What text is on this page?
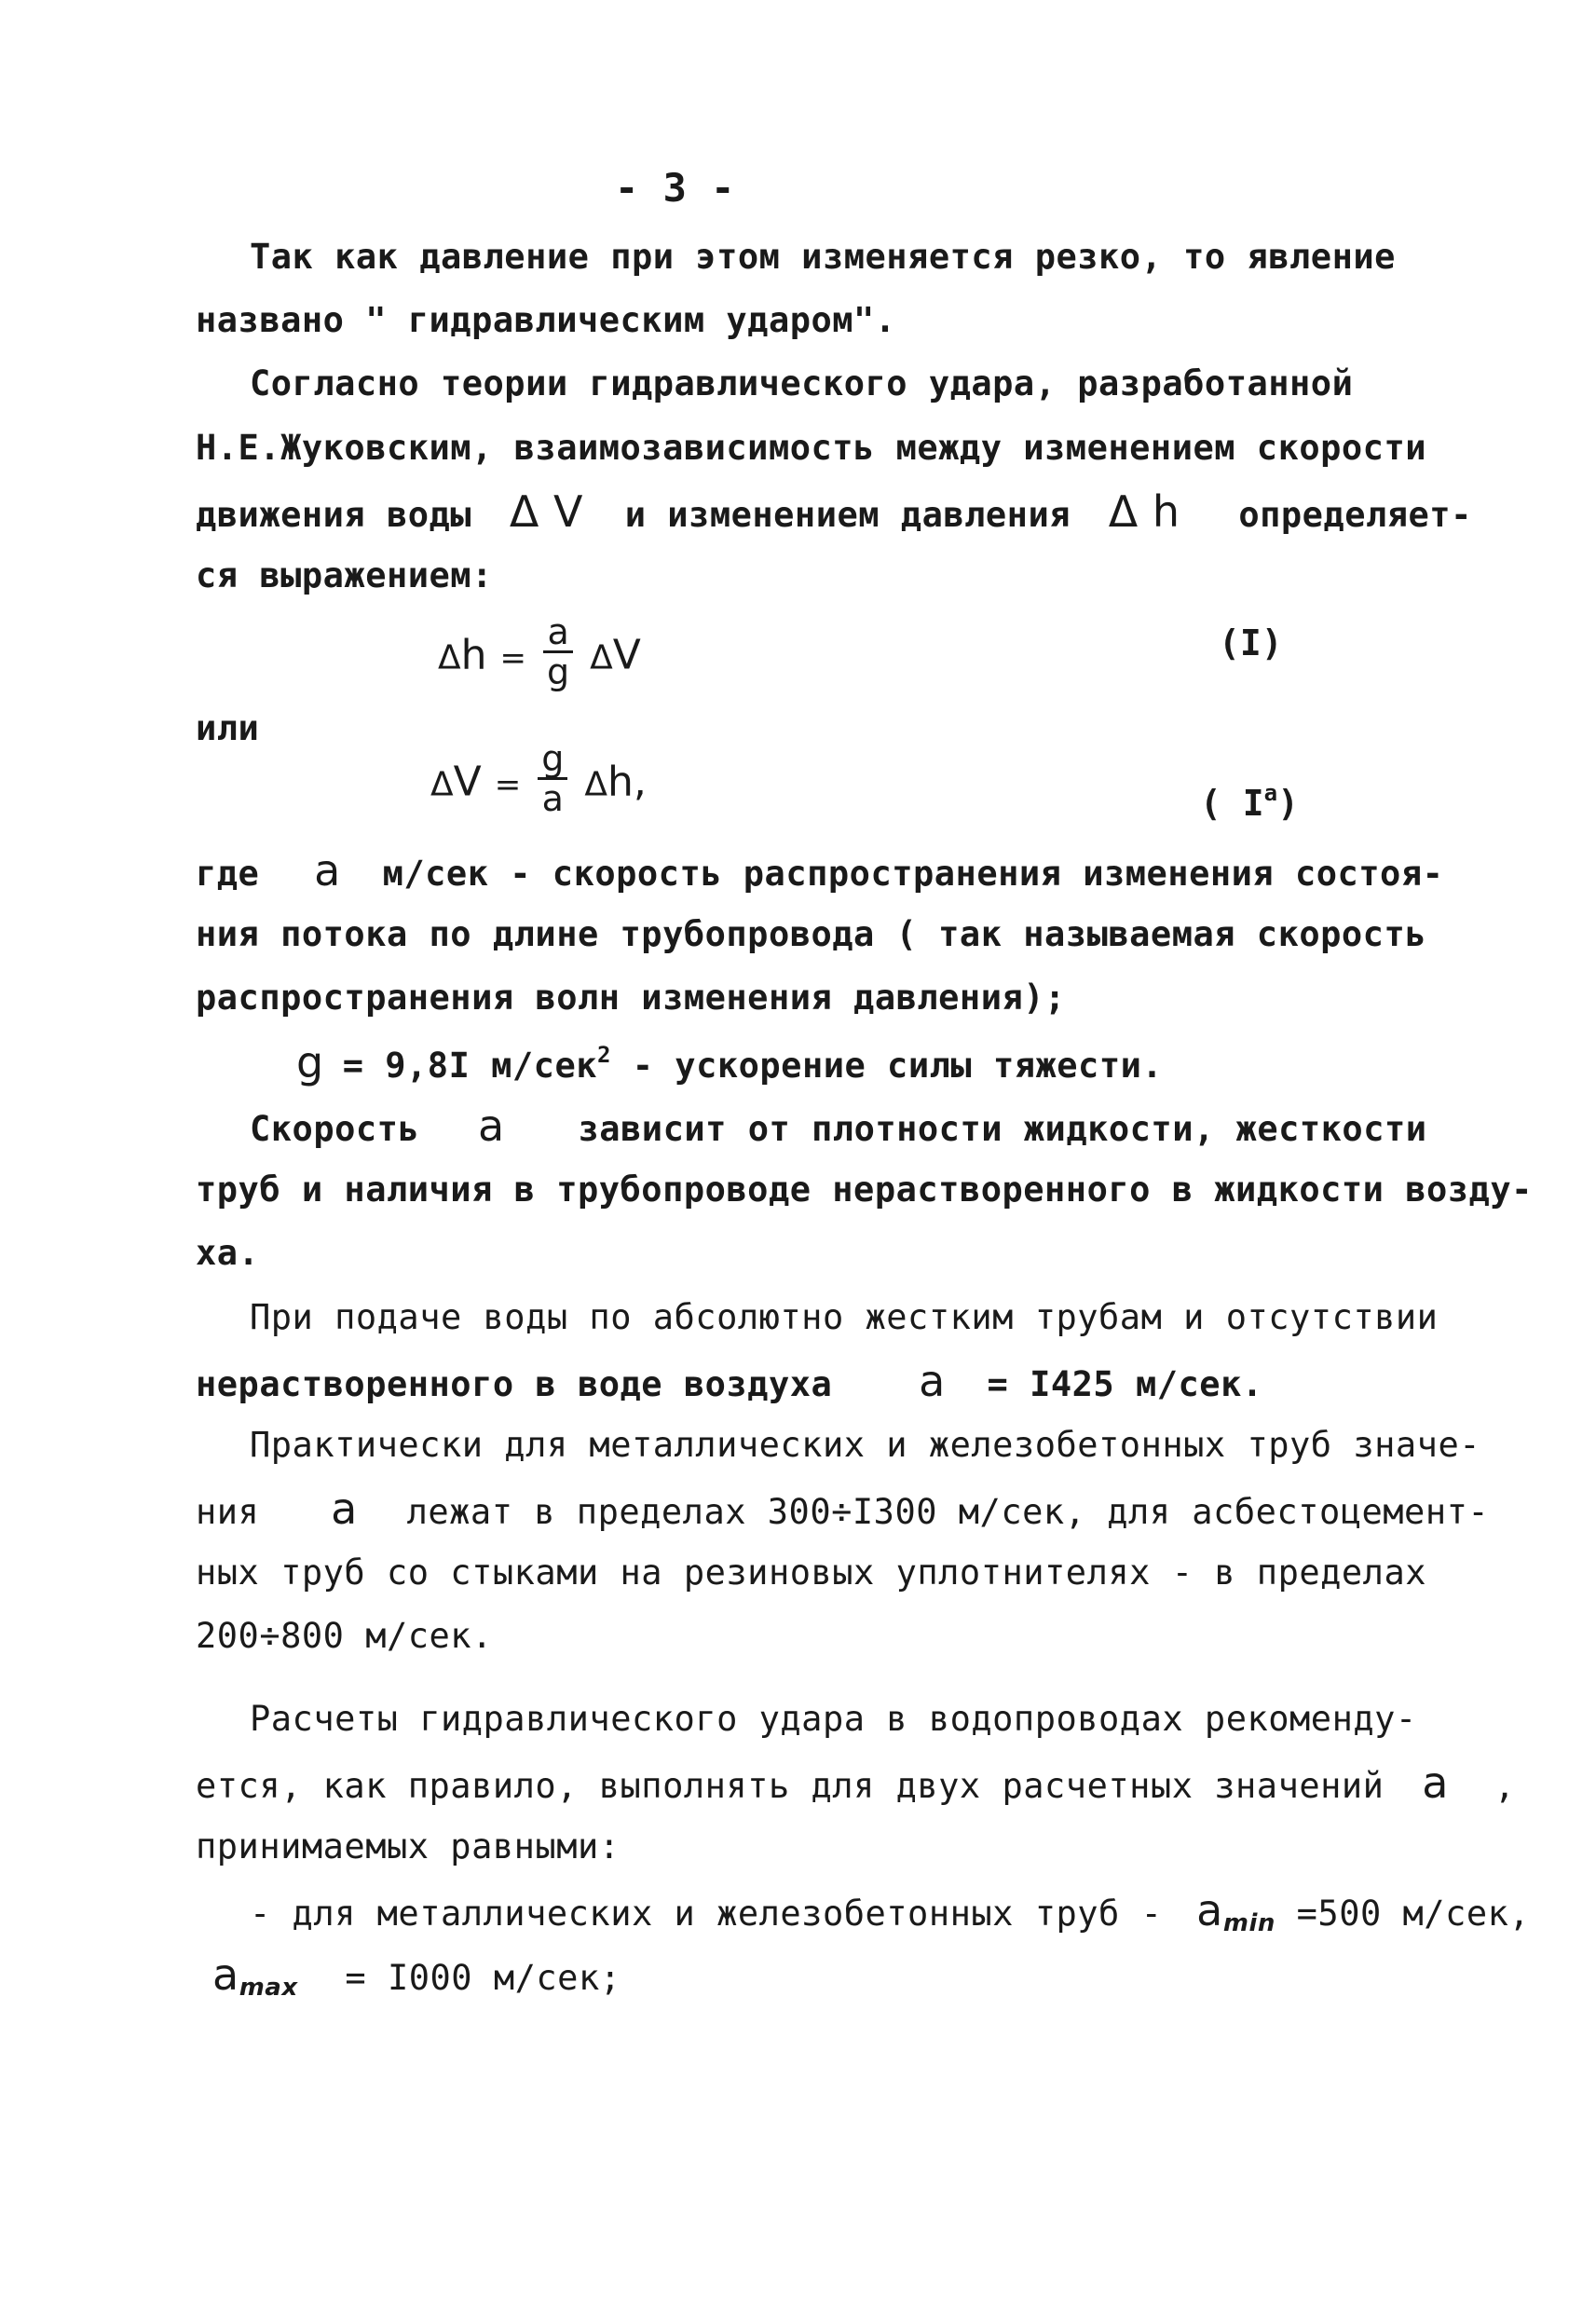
- 3 -
Так как давление при этом изменяется резко, то явление
названо " гидравлическим ударом".
Согласно теории гидравлического удара, разработанной
Н.Е.Жуковским, взаимозависимость между изменением скорости
движения воды Δ V и изменением давления Δ h определяет-
ся выражением:
$\Delta h = \frac{a}{g}$ ΔV	(I)
или
$\Delta V = \frac{g}{a} \Delta h$,	( $I^a$)
где a м/сек - скорость распространения изменения состоя-
ния потока по длине трубопровода ( так называемая скорость
распространения волн изменения давления);
g = 9,8I м/сек$^2$ - ускорение силы тяжести.
Скорость a зависит от плотности жидкости, жесткости
труб и наличия в трубопроводе нерастворенного в жидкости возду-
ха.
При подаче воды по абсолютно жестким трубам и отсутствии
нерастворенного в воде воздуха a = I425 м/сек.
Практически для металлических и железобетонных труб значе-
ния a лежат в пределах 300÷I300 м/сек, для асбестоцемент-
ных труб со стыками на резиновых уплотнителях - в пределах
200÷800 м/сек.
Расчеты гидравлического удара в водопроводах рекоменду-
ется, как правило, выполнять для двух расчетных значений a ,
принимаемых равными:
- для металлических и железобетонных труб - amin =500 м/сек,
amax = I000 м/сек;
